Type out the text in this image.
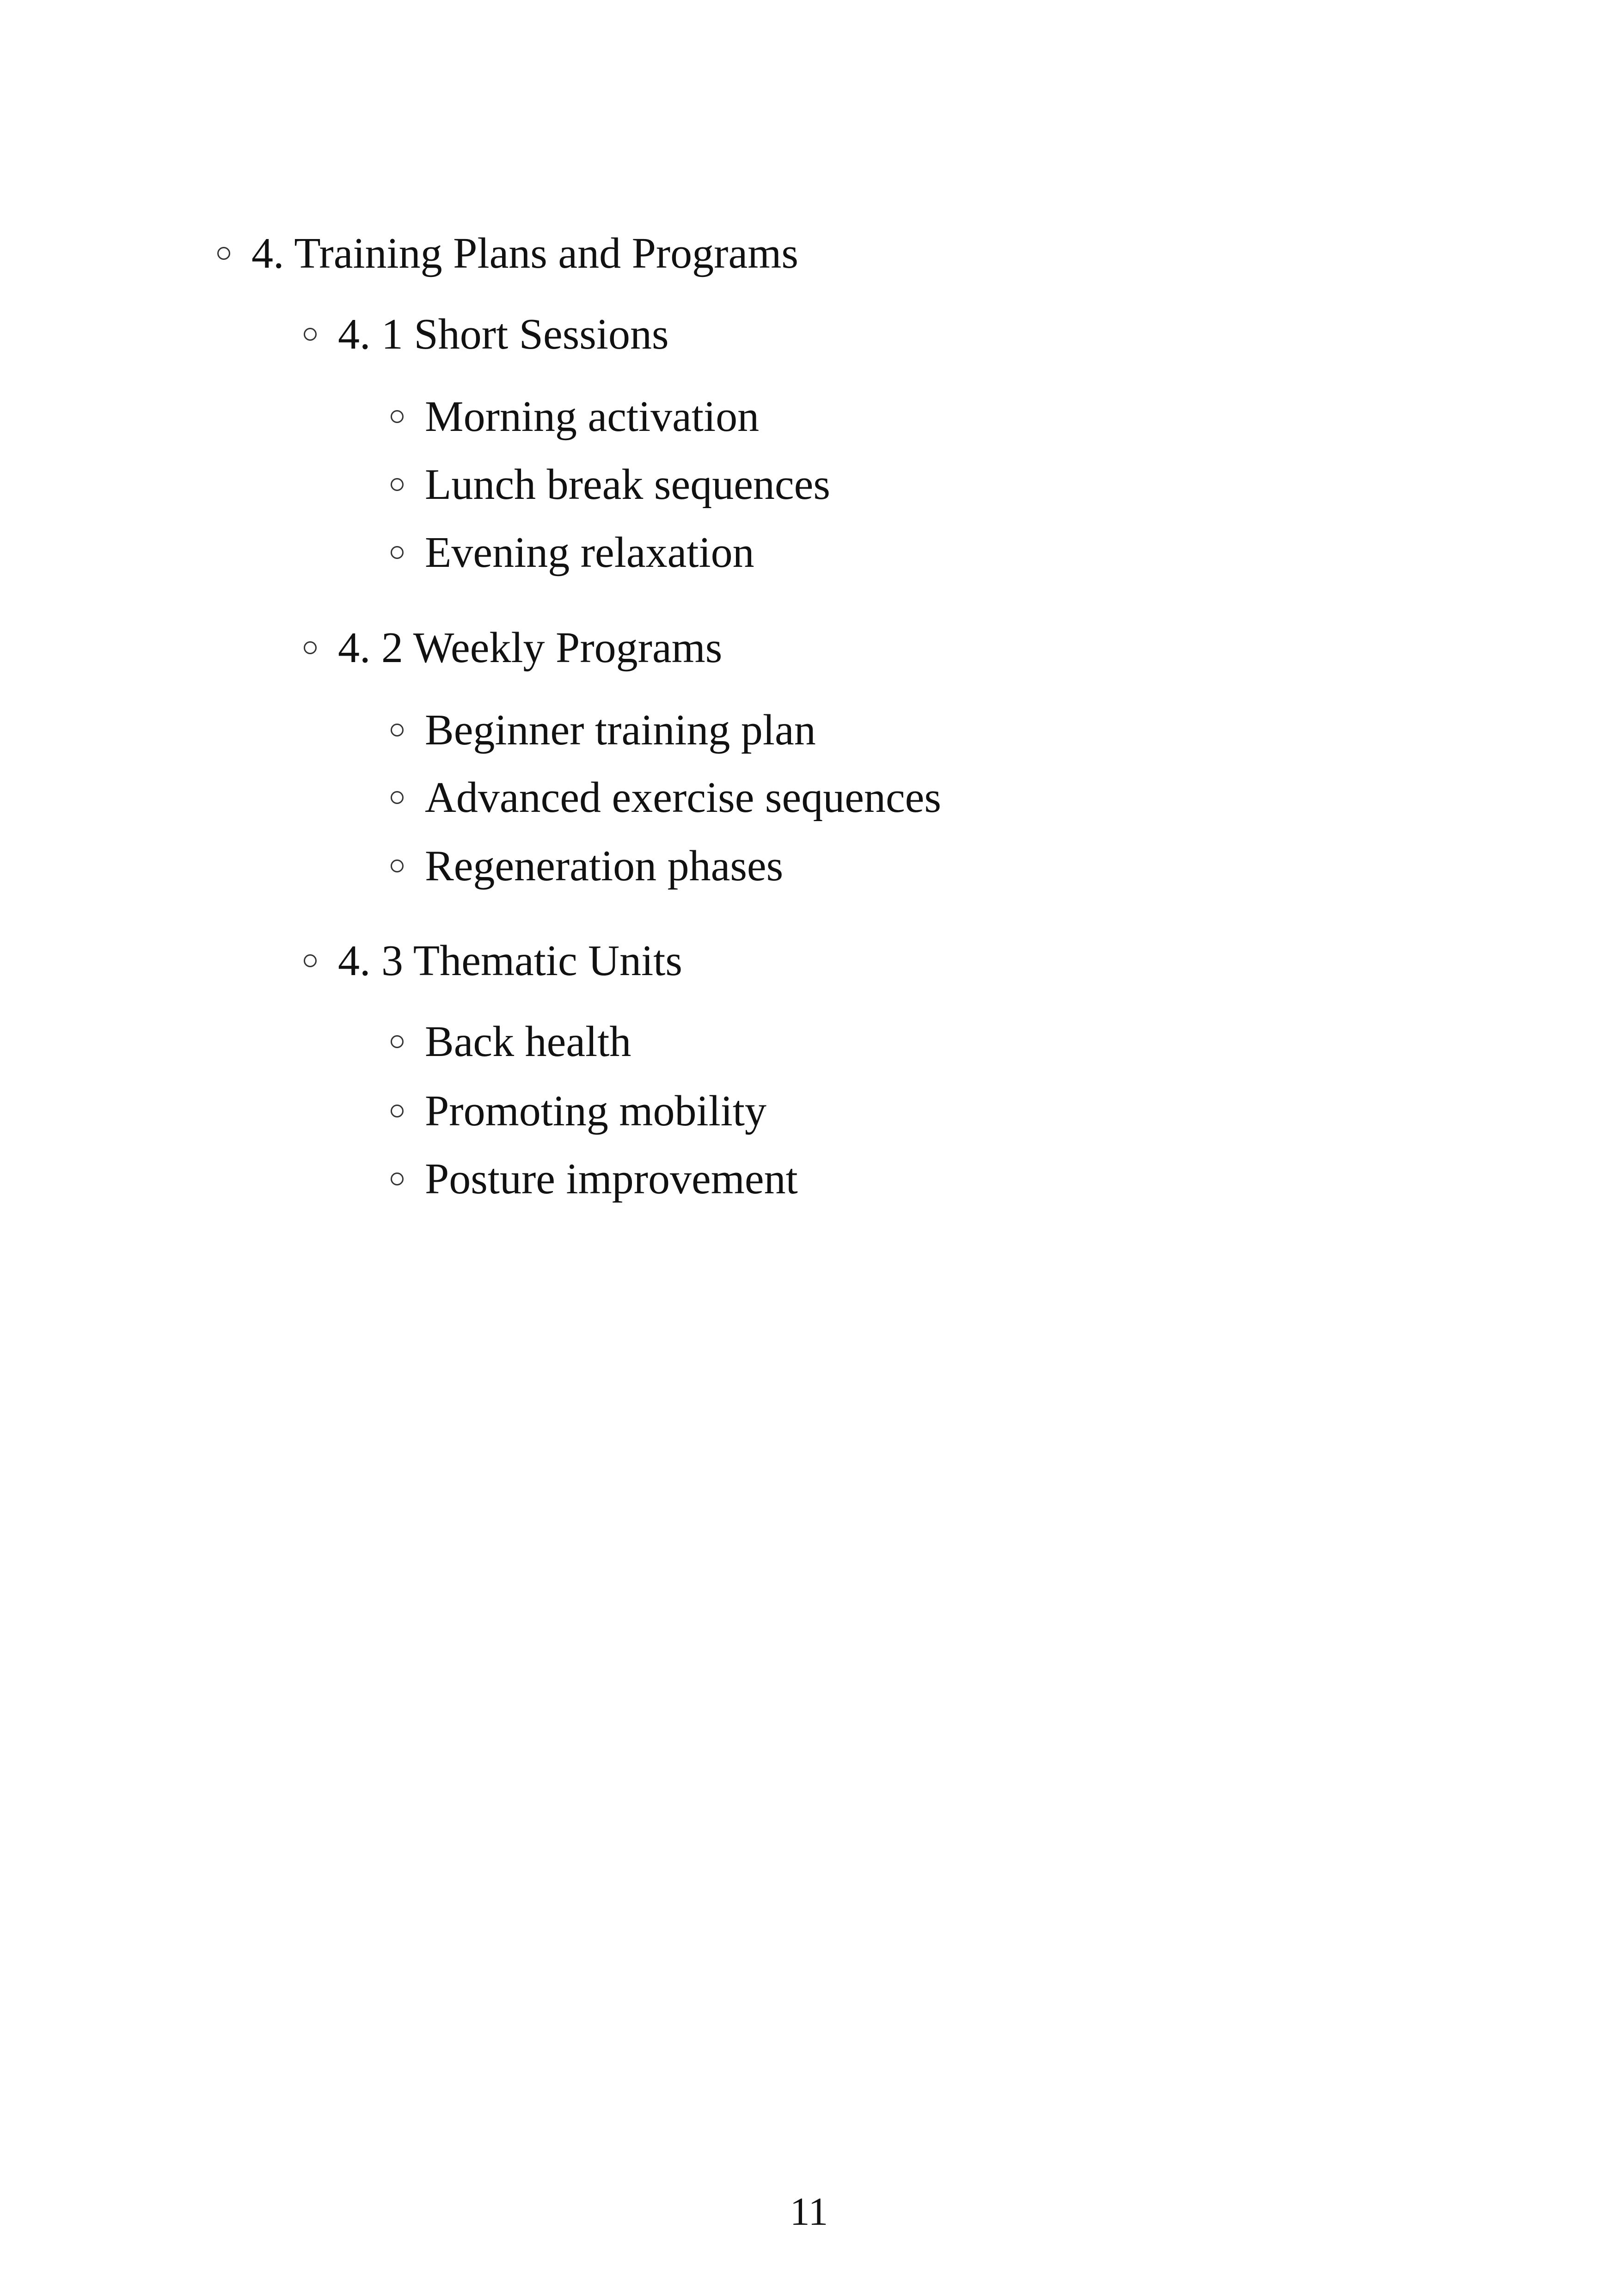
4. Training Plans and Programs
4. 1 Short Sessions
Morning activation
Lunch break sequences
Evening relaxation
4. 2 Weekly Programs
Beginner training plan
Advanced exercise sequences
Regeneration phases
4. 3 Thematic Units
Back health
Promoting mobility
Posture improvement
11
